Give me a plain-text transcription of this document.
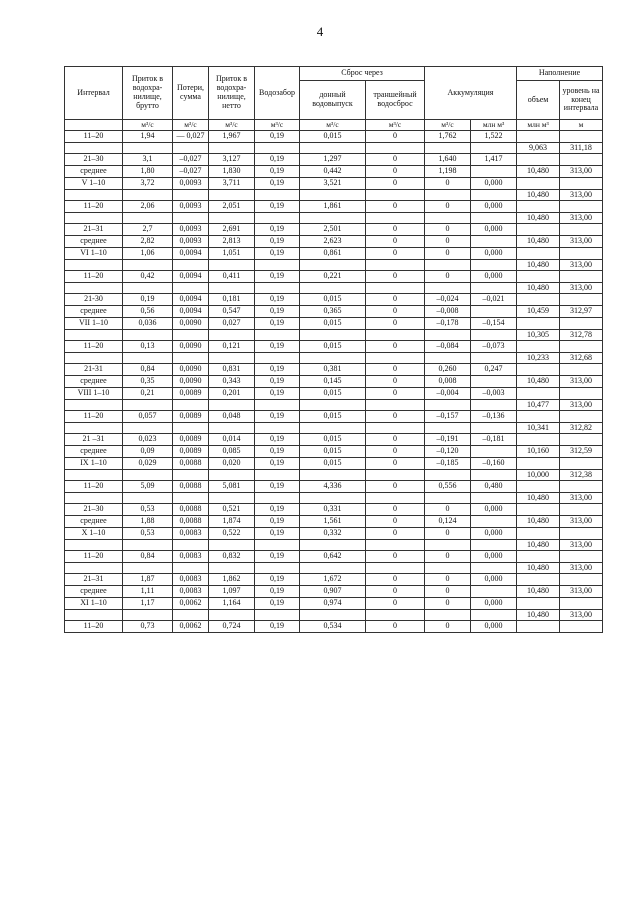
4
Интервал	Приток в водохра-нилище, брутто	Потери, сумма	Приток в водохра-нилище, нетто	Водозабор	Сброс через		Аккумуляция		Наполнение	
					донный водовыпуск	траншейный водосброс			объем	уровень на конец интервала
	м³/с	м³/с	м³/с	м³/с	м³/с	м³/с	м³/с	млн м³	млн м³	м
11–20	1,94	— 0,027	1,967	0,19	0,015	0	1,762	1,522		
									9,063	311,18
21–30	3,1	–0,027	3,127	0,19	1,297	0	1,640	1,417		
среднее	1,80	–0,027	1,830	0,19	0,442	0	1,198		10,480	313,00
V 1–10	3,72	0,0093	3,711	0,19	3,521	0	0	0,000		
									10,480	313,00
11–20	2,06	0,0093	2,051	0,19	1,861	0	0	0,000		
									10,480	313,00
21–31	2,7	0,0093	2,691	0,19	2,501	0	0	0,000		
среднее	2,82	0,0093	2,813	0,19	2,623	0	0		10,480	313,00
VI 1–10	1,06	0,0094	1,051	0,19	0,861	0	0	0,000		
									10,480	313,00
11–20	0,42	0,0094	0,411	0,19	0,221	0	0	0,000		
									10,480	313,00
21-30	0,19	0,0094	0,181	0,19	0,015	0	–0,024	–0,021		
среднее	0,56	0,0094	0,547	0,19	0,365	0	–0,008		10,459	312,97
VII 1–10	0,036	0,0090	0,027	0,19	0,015	0	–0,178	–0,154		
									10,305	312,78
11–20	0,13	0,0090	0,121	0,19	0,015	0	–0,084	–0,073		
									10,233	312,68
21-31	0,84	0,0090	0,831	0,19	0,381	0	0,260	0,247		
среднее	0,35	0,0090	0,343	0,19	0,145	0	0,008		10,480	313,00
VIII 1–10	0,21	0,0089	0,201	0,19	0,015	0	–0,004	–0,003		
									10,477	313,00
11–20	0,057	0,0089	0,048	0,19	0,015	0	–0,157	–0,136		
									10,341	312,82
21 –31	0,023	0,0089	0,014	0,19	0,015	0	–0,191	–0,181		
среднее	0,09	0,0089	0,085	0,19	0,015	0	–0,120		10,160	312,59
IX 1–10	0,029	0,0088	0,020	0,19	0,015	0	–0,185	–0,160		
									10,000	312,38
11–20	5,09	0,0088	5,081	0,19	4,336	0	0,556	0,480		
									10,480	313,00
21–30	0,53	0,0088	0,521	0,19	0,331	0	0	0,000		
среднее	1,88	0,0088	1,874	0,19	1,561	0	0,124		10,480	313,00
X 1–10	0,53	0,0083	0,522	0,19	0,332	0	0	0,000		
									10,480	313,00
11–20	0,84	0,0083	0,832	0,19	0,642	0	0	0,000		
									10,480	313,00
21–31	1,87	0,0083	1,862	0,19	1,672	0	0	0,000		
среднее	1,11	0,0083	1,097	0,19	0,907	0	0		10,480	313,00
XI 1–10	1,17	0,0062	1,164	0,19	0,974	0	0	0,000		
									10,480	313,00
11–20	0,73	0,0062	0,724	0,19	0,534	0	0	0,000		
